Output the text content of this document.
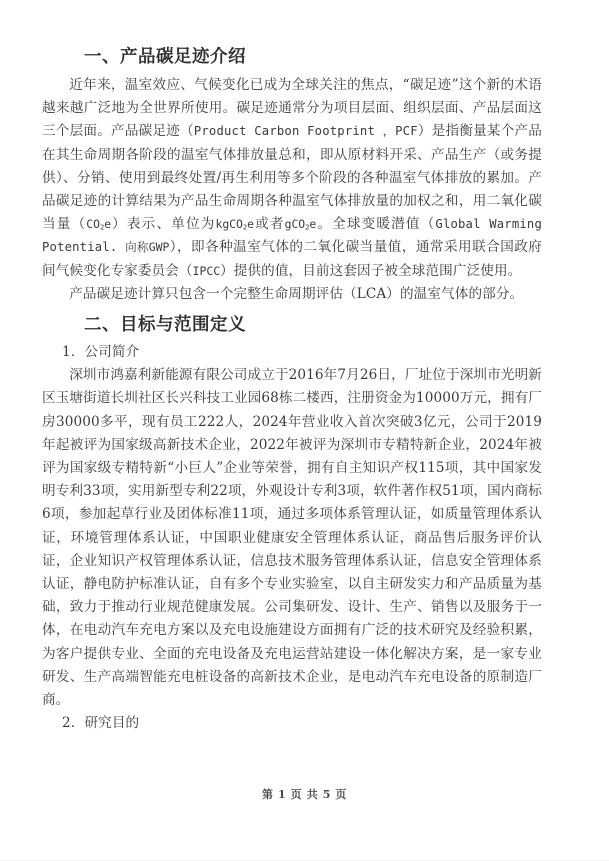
一、产品碳足迹介绍

近年来，温室效应、气候变化已成为全球关注的焦点，“碳足迹”这个新的术语越来越广泛地为全世界所使用。碳足迹通常分为项目层面、组织层面、产品层面这三个层面。产品碳足迹（Product Carbon Footprint ，PCF）是指衡量某个产品在其生命周期各阶段的温室气体排放量总和，即从原材料开采、产品生产（或务提供）、分销、使用到最终处置/再生利用等多个阶段的各种温室气体排放的累加。产品碳足迹的计算结果为产品生命周期各种温室气体排放量的加权之和，用二氧化碳当量$(CO_2e)$表示、单位为kgCO$_2$e或者gCO$_2$e。全球变暖潜值（Global Warming Potential. 向称GWP），即各种温室气体的二氧化碳当量值，通常采用联合国政府间气候变化专家委员会（IPCC）提供的值，目前这套因子被全球范围广泛使用。

产品碳足迹计算只包含一个完整生命周期评估（LCA）的温室气体的部分。

二、目标与范围定义

1．公司简介

深圳市鸿嘉利新能源有限公司成立于2016年7月26日，厂址位于深圳市光明新区玉塘街道长圳社区长兴科技工业园68栋二楼西，注册资金为10000万元，拥有厂房30000多平，现有员工222人，2024年营业收入首次突破3亿元，公司于2019年起被评为国家级高新技术企业，2022年被评为深圳市专精特新企业，2024年被评为国家级专精特新“小巨人”企业等荣誉，拥有自主知识产权115项，其中国家发明专利33项，实用新型专利22项，外观设计专利3项，软件著作权51项，国内商标6项，参加起草行业及团体标准11项，通过多项体系管理认证，如质量管理体系认证，环境管理体系认证，中国职业健康安全管理体系认证，商品售后服务评价认证，企业知识产权管理体系认证，信息技术服务管理体系认证，信息安全管理体系认证，静电防护标准认证，自有多个专业实验室，以自主研发实力和产品质量为基础，致力于推动行业规范健康发展。公司集研发、设计、生产、销售以及服务于一体，在电动汽车充电方案以及充电设施建设方面拥有广泛的技术研究及经验积累，为客户提供专业、全面的充电设备及充电运营站建设一体化解决方案，是一家专业研发、生产高端智能充电桩设备的高新技术企业，是电动汽车充电设备的原制造厂商。

2．研究目的

第 1 页 共 5 页
